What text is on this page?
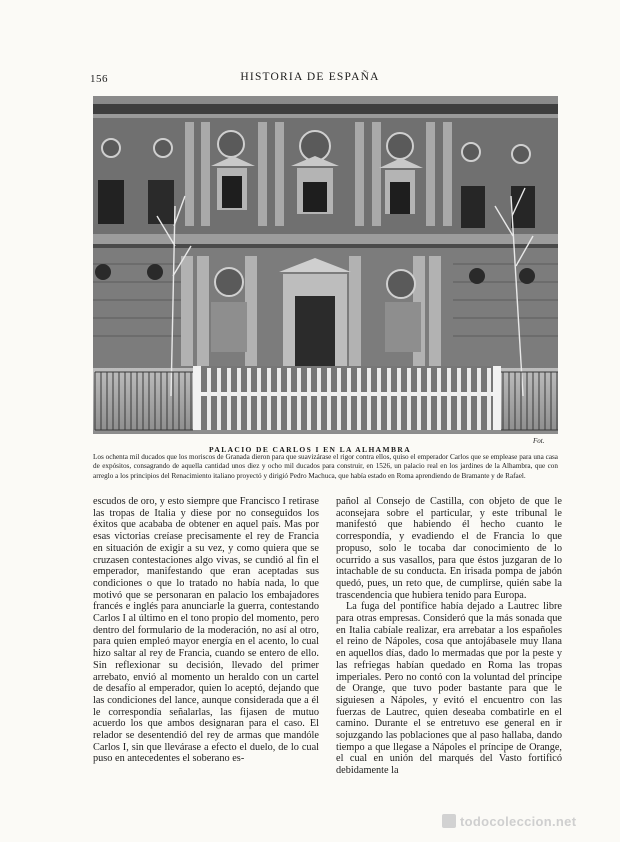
156	HISTORIA DE ESPAÑA
Fot.
PALACIO DE CARLOS I EN LA ALHAMBRA
Los ochenta mil ducados que los moriscos de Granada dieron para que suavizárase el rigor contra ellos, quiso el emperador Carlos que se emplease para una casa de expósitos, consagrando de aquella cantidad unos diez y ocho mil ducados para construir, en 1526, un palacio real en los jardines de la Alhambra, que con arreglo a los principios del Renacimiento italiano proyectó y dirigió Pedro Machuca, que había estado en Roma aprendiendo de Bramante y de Rafael.

escudos de oro, y esto siempre que Francisco I retirase las tropas de Italia y diese por no conseguidos los éxitos que acababa de obtener en aquel país. Mas por esas victorias creíase precisamente el rey de Francia en situación de exigir a su vez, y como quiera que se cruzasen contestaciones algo vivas, se cundió al fin el emperador, manifestando que eran aceptadas sus condiciones o que lo tratado no había nada, lo que motivó que se personaran en palacio los embajadores francés e inglés para anunciarle la guerra, contestando Carlos I al último en el tono propio del momento, pero dentro del formulario de la moderación, no así al otro, para quien empleó mayor energía en el acento, lo cual hizo saltar al rey de Francia, cuando se entero de ello. Sin reflexionar su decisión, llevado del primer arrebato, envió al momento un heraldo con un cartel de desafío al emperador, quien lo aceptó, dejando que las condiciones del lance, aunque considerada que a él le correspondía señalarlas, las fijasen de mutuo acuerdo los que ambos designaran para el caso. El relador se desentendió del rey de armas que mandóle Carlos I, sin que llevárase a efecto el duelo, de lo cual puso en antecedentes el soberano es-

pañol al Consejo de Castilla, con objeto de que le aconsejara sobre el particular, y este tribunal le manifestó que habiendo él hecho cuanto le correspondía, y evadiendo el de Francia lo que propuso, solo le tocaba dar conocimiento de lo ocurrido a sus vasallos, para que éstos juzgaran de lo intachable de su conducta. En irisada pompa de jabón quedó, pues, un reto que, de cumplirse, quién sabe la trascendencia que hubiera tenido para Europa.

La fuga del pontífice había dejado a Lautrec libre para otras empresas. Consideró que la más sonada que en Italia cabíale realizar, era arrebatar a los españoles el reino de Nápoles, cosa que antojábasele muy llana en aquellos días, dado lo mermadas que por la peste y las refriegas habían quedado en Roma las tropas imperiales. Pero no contó con la voluntad del príncipe de Orange, que tuvo poder bastante para que le siguiesen a Nápoles, y evitó el encuentro con las fuerzas de Lautrec, quien deseaba combatirle en el camino. Durante el se entretuvo ese general en ir sojuzgando las poblaciones que al paso hallaba, dando tiempo a que llegase a Nápoles el príncipe de Orange, el cual en unión del marqués del Vasto fortificó debidamente la

todocoleccion.net
